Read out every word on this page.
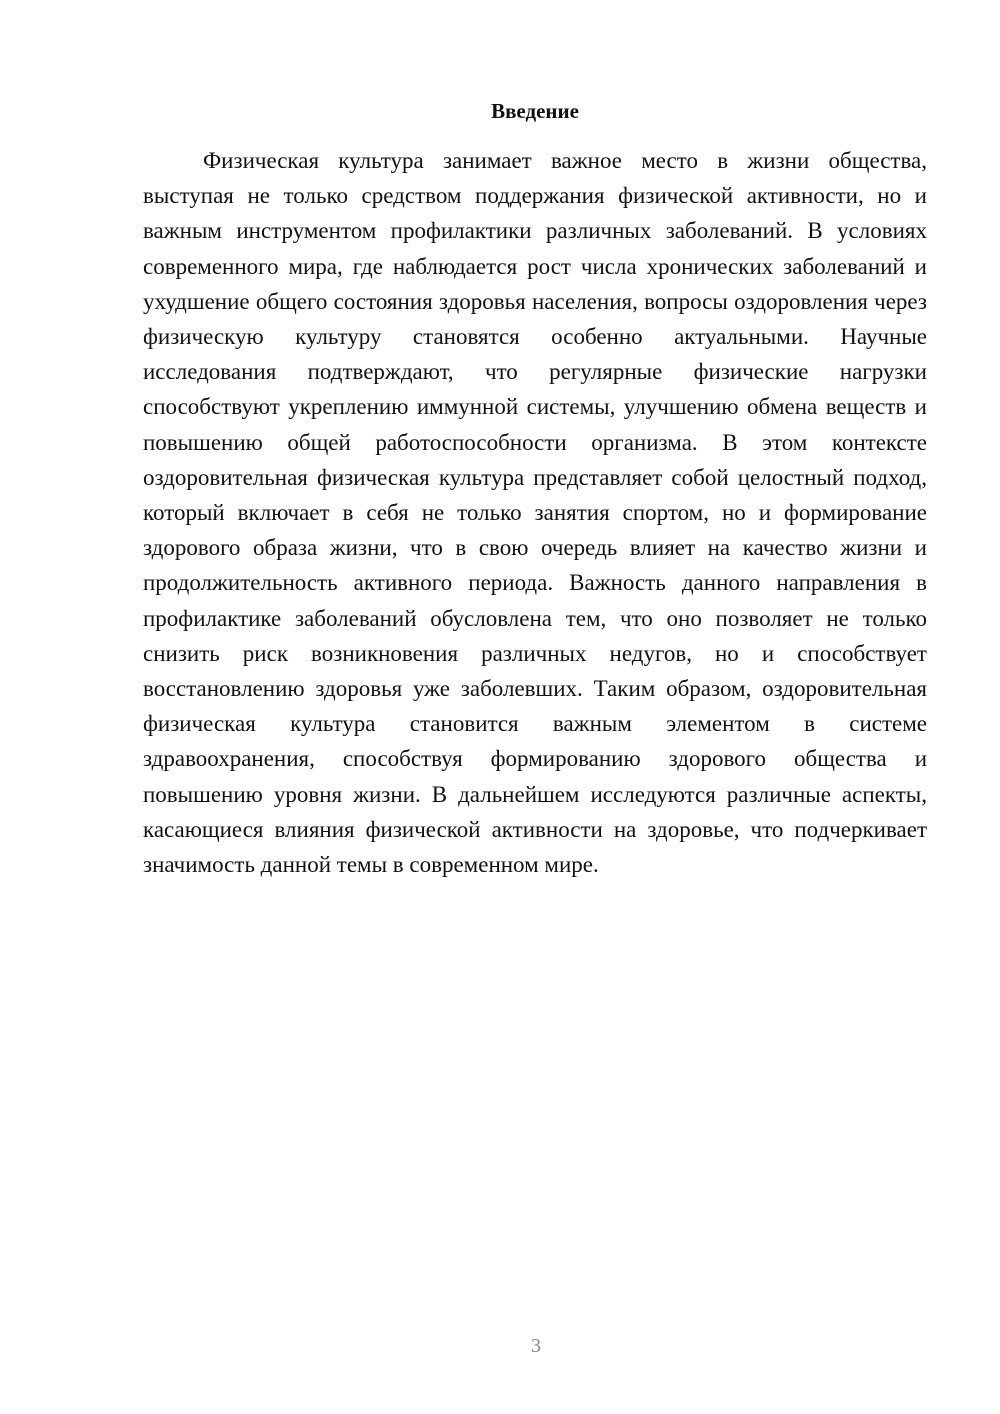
Введение

Физическая культура занимает важное место в жизни общества, выступая не только средством поддержания физической активности, но и важным инструментом профилактики различных заболеваний. В условиях современного мира, где наблюдается рост числа хронических заболеваний и ухудшение общего состояния здоровья населения, вопросы оздоровления через физическую культуру становятся особенно актуальными. Научные исследования подтверждают, что регулярные физические нагрузки способствуют укреплению иммунной системы, улучшению обмена веществ и повышению общей работоспособности организма. В этом контексте оздоровительная физическая культура представляет собой целостный подход, который включает в себя не только занятия спортом, но и формирование здорового образа жизни, что в свою очередь влияет на качество жизни и продолжительность активного периода. Важность данного направления в профилактике заболеваний обусловлена тем, что оно позволяет не только снизить риск возникновения различных недугов, но и способствует восстановлению здоровья уже заболевших. Таким образом, оздоровительная физическая культура становится важным элементом в системе здравоохранения, способствуя формированию здорового общества и повышению уровня жизни. В дальнейшем исследуются различные аспекты, касающиеся влияния физической активности на здоровье, что подчеркивает значимость данной темы в современном мире.

3
